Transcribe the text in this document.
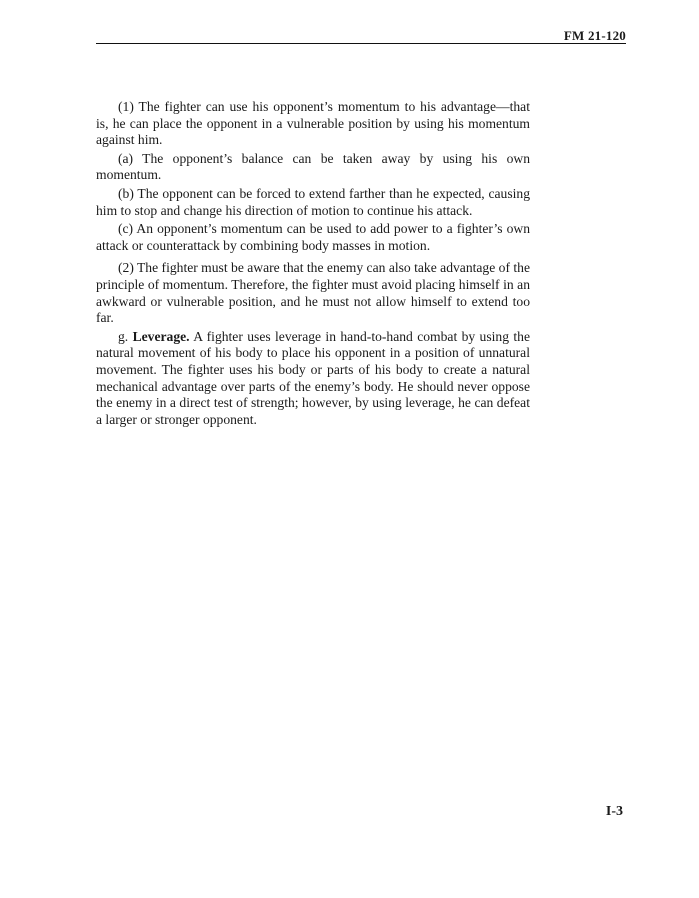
FM 21-120

(1) The fighter can use his opponent’s momentum to his advantage—that is, he can place the opponent in a vulnerable position by using his momentum against him.

(a) The opponent’s balance can be taken away by using his own momentum.

(b) The opponent can be forced to extend farther than he expected, causing him to stop and change his direction of motion to continue his attack.

(c) An opponent’s momentum can be used to add power to a fighter’s own attack or counterattack by combining body masses in motion.

(2) The fighter must be aware that the enemy can also take advantage of the principle of momentum. Therefore, the fighter must avoid placing himself in an awkward or vulnerable position, and he must not allow himself to extend too far.

g. Leverage. A fighter uses leverage in hand-to-hand combat by using the natural movement of his body to place his opponent in a position of unnatural movement. The fighter uses his body or parts of his body to create a natural mechanical advantage over parts of the enemy’s body. He should never oppose the enemy in a direct test of strength; however, by using leverage, he can defeat a larger or stronger opponent.

I-3
